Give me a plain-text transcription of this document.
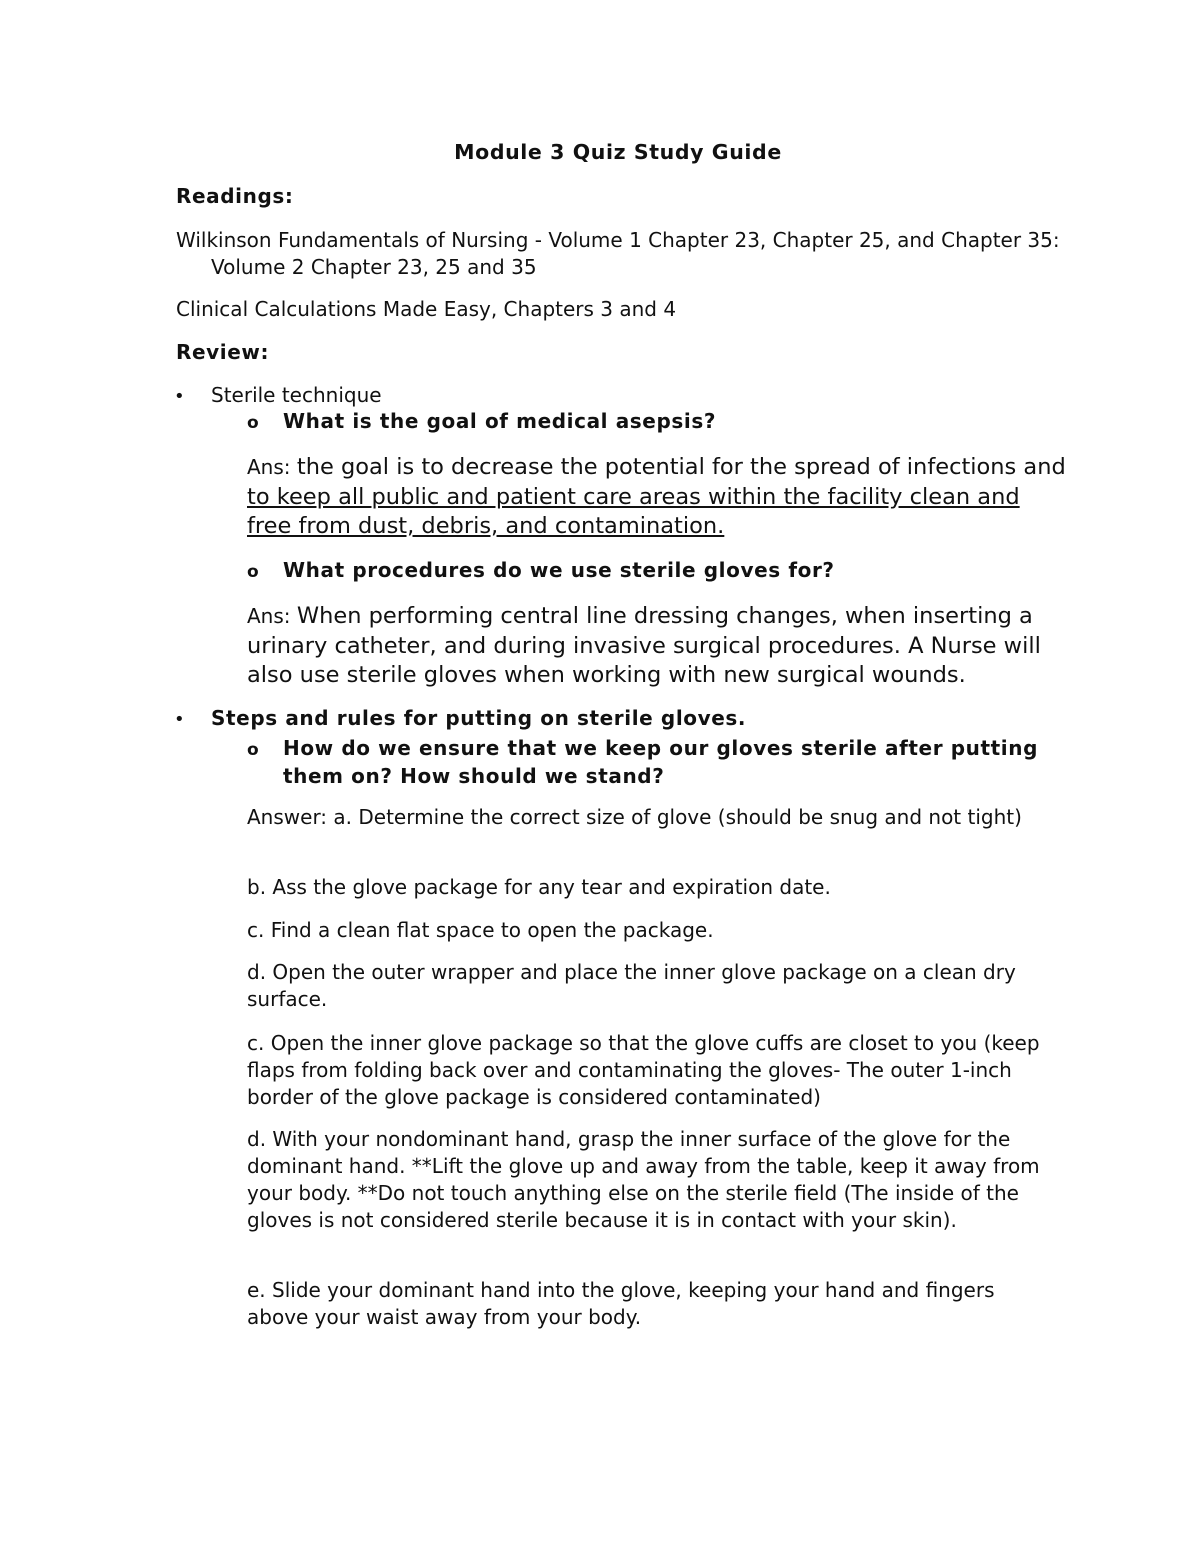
Module 3 Quiz Study Guide

Readings:

Wilkinson Fundamentals of Nursing - Volume 1 Chapter 23, Chapter 25, and Chapter 35: Volume 2 Chapter 23, 25 and 35

Clinical Calculations Made Easy, Chapters 3 and 4

Review:

•	Sterile technique
o	What is the goal of medical asepsis?

Ans: the goal is to decrease the potential for the spread of infections and to keep all public and patient care areas within the facility clean and free from dust, debris, and contamination.

o	What procedures do we use sterile gloves for?

Ans: When performing central line dressing changes, when inserting a urinary catheter, and during invasive surgical procedures. A Nurse will also use sterile gloves when working with new surgical wounds.

•	Steps and rules for putting on sterile gloves.
o	How do we ensure that we keep our gloves sterile after putting them on? How should we stand?

Answer: a. Determine the correct size of glove (should be snug and not tight)

b. Ass the glove package for any tear and expiration date.

c. Find a clean flat space to open the package.

d. Open the outer wrapper and place the inner glove package on a clean dry surface.

c. Open the inner glove package so that the glove cuffs are closet to you (keep flaps from folding back over and contaminating the gloves- The outer 1-inch border of the glove package is considered contaminated)

d. With your nondominant hand, grasp the inner surface of the glove for the dominant hand. **Lift the glove up and away from the table, keep it away from your body. **Do not touch anything else on the sterile field (The inside of the gloves is not considered sterile because it is in contact with your skin).

e. Slide your dominant hand into the glove, keeping your hand and fingers above your waist away from your body.
